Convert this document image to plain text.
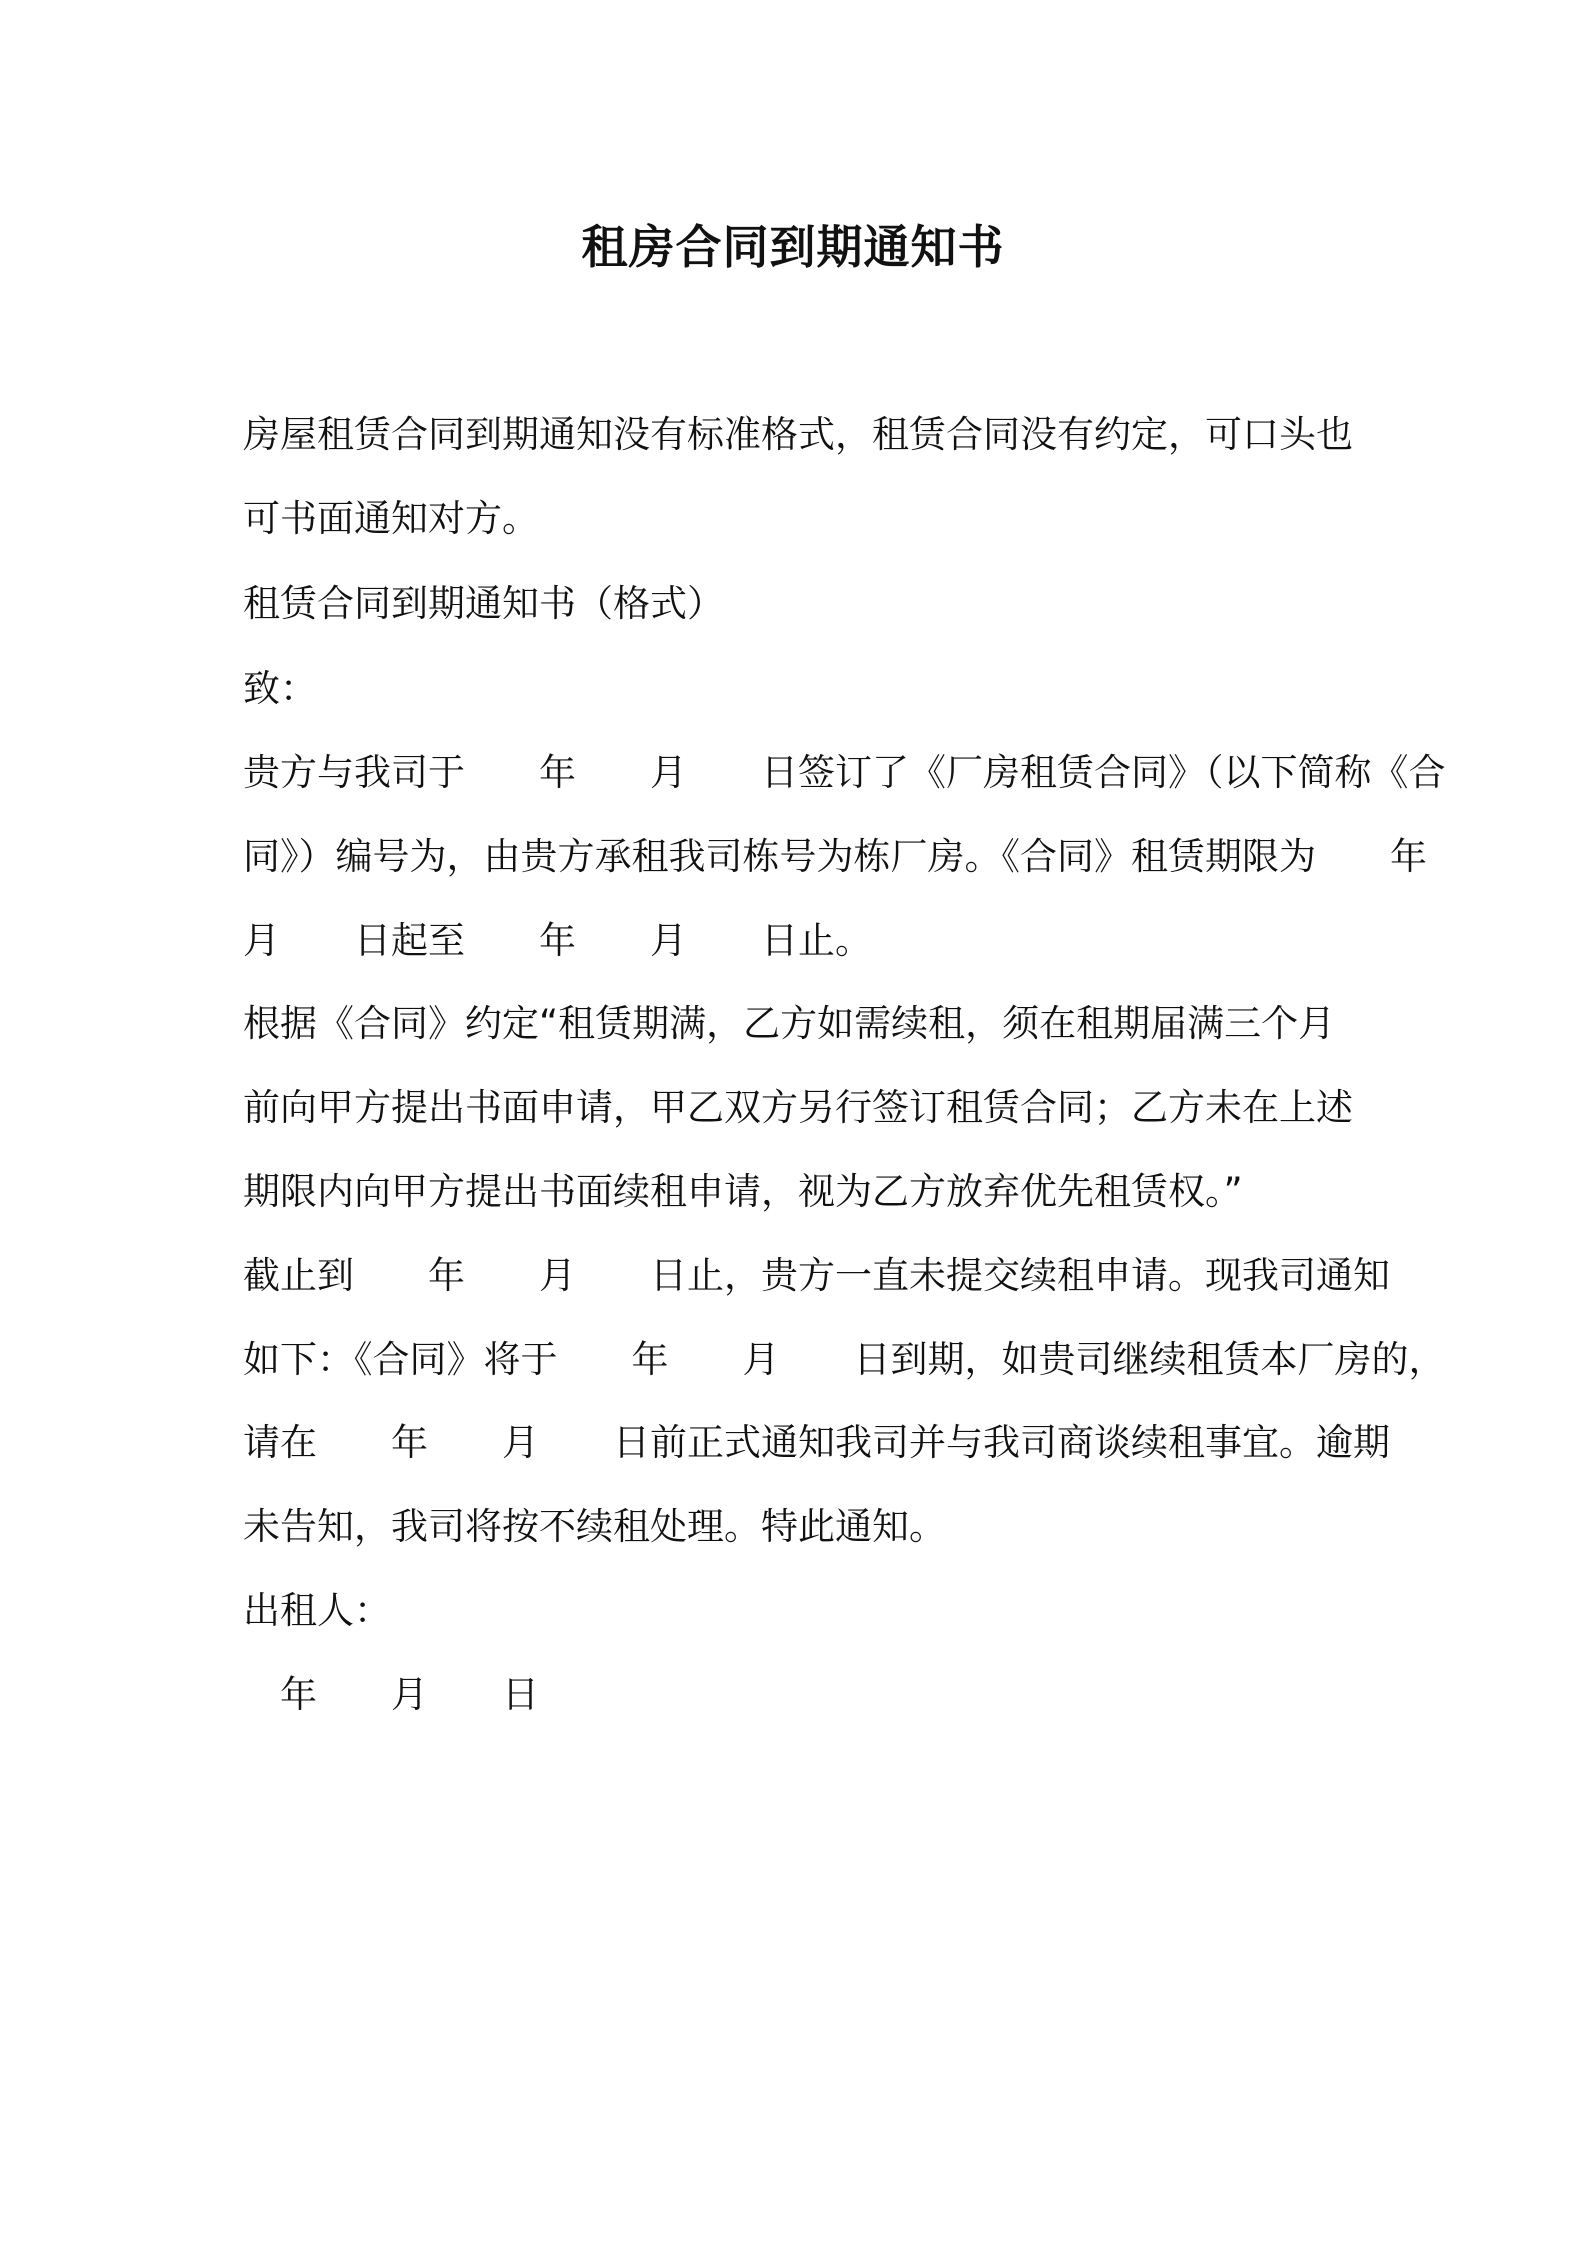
租房合同到期通知书

房屋租赁合同到期通知没有标准格式，租赁合同没有约定，可口头也

可书面通知对方。

租赁合同到期通知书（格式）

致：

贵方与我司于　　年　　月　　日签订了《厂房租赁合同》（以下简称《合

同》）编号为，由贵方承租我司栋号为栋厂房。《合同》租赁期限为　　年

月　　日起至　　年　　月　　日止。

根据《合同》约定“租赁期满，乙方如需续租，须在租期届满三个月

前向甲方提出书面申请，甲乙双方另行签订租赁合同；乙方未在上述

期限内向甲方提出书面续租申请，视为乙方放弃优先租赁权。”

截止到　　年　　月　　日止，贵方一直未提交续租申请。现我司通知

如下：《合同》将于　　年　　月　　日到期，如贵司继续租赁本厂房的，

请在　　年　　月　　日前正式通知我司并与我司商谈续租事宜。逾期

未告知，我司将按不续租处理。特此通知。

出租人：

　年　　月　　日
